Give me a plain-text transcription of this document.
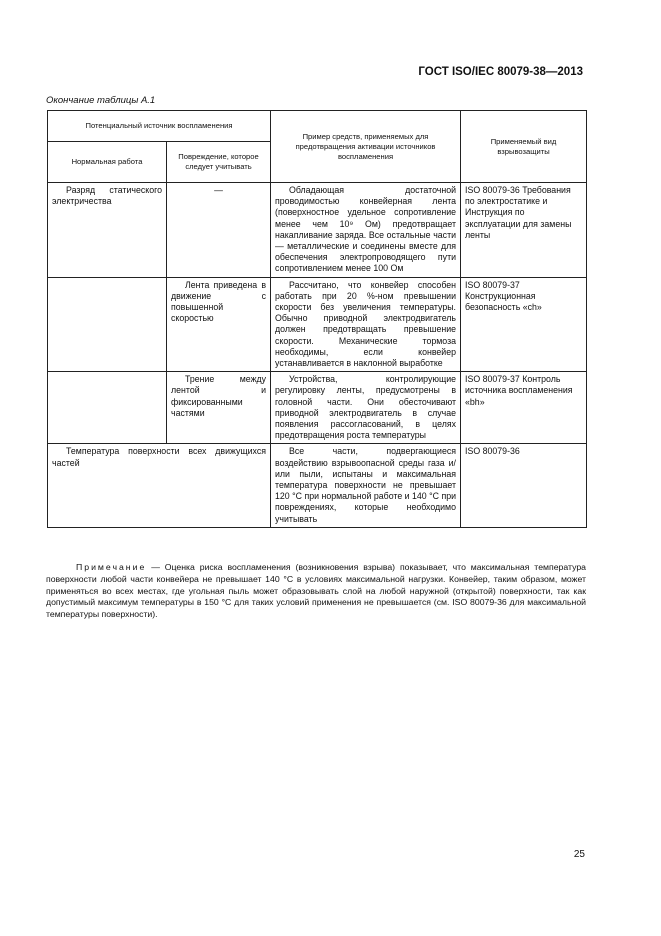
ГОСТ ISO/IEC 80079-38—2013
Окончание таблицы А.1
Потенциальный источник воспламенения		Пример средств, применяемых для предотвращения активации источников воспламенения	Применяемый вид взрывозащиты
Нормальная работа	Повреждение, которое следует учитывать		
Разряд статического электричества	—	Обладающая достаточной проводимостью конвейерная лента (поверхностное удельное сопротивление менее чем 10⁹ Ом) предотвращает накапливание заряда. Все остальные части — металлические и соединены вместе для обеспечения электропроводящего пути сопротивлением менее 100 Ом	ISO 80079-36 Требования по электростатике и Инструкция по эксплуатации для замены ленты
	Лента приведена в движение с повышенной скоростью	Рассчитано, что конвейер способен работать при 20 %-ном превышении скорости без увеличения температуры. Обычно приводной электродвигатель должен предотвращать превышение скорости. Механические тормоза необходимы, если конвейер устанавливается в наклонной выработке	ISO 80079-37 Конструкционная безопасность «ch»
	Трение между лентой и фиксированными частями	Устройства, контролирующие регулировку ленты, предусмотрены в головной части. Они обесточивают приводной электродвигатель в случае появления рассогласований, в целях предотвращения роста температуры	ISO 80079-37 Контроль источника воспламенения «bh»
Температура поверхности всех движущихся частей		Все части, подвергающиеся воздействию взрывоопасной среды газа и/или пыли, испытаны и максимальная температура поверхности не превышает 120 °С при нормальной работе и 140 °С при повреждениях, которые необходимо учитывать	ISO 80079-36
Примечание — Оценка риска воспламенения (возникновения взрыва) показывает, что максимальная температура поверхности любой части конвейера не превышает 140 °С в условиях максимальной нагрузки. Конвейер, таким образом, может применяться во всех местах, где угольная пыль может образовывать слой на любой наружной (открытой) поверхности, так как допустимый максимум температуры в 150 °С для таких условий применения не превышается (см. ISO 80079-36 для максимальной температуры поверхности).
25
